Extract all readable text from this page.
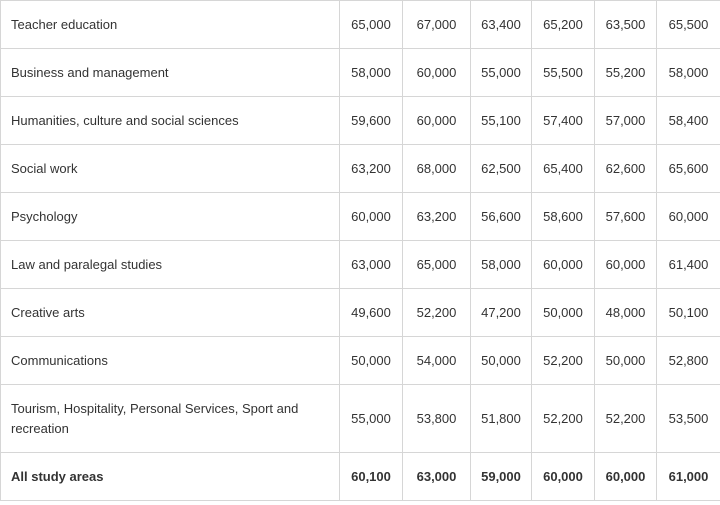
Teacher education	65,000	67,000	63,400	65,200	63,500	65,500
Business and management	58,000	60,000	55,000	55,500	55,200	58,000
Humanities, culture and social sciences	59,600	60,000	55,100	57,400	57,000	58,400
Social work	63,200	68,000	62,500	65,400	62,600	65,600
Psychology	60,000	63,200	56,600	58,600	57,600	60,000
Law and paralegal studies	63,000	65,000	58,000	60,000	60,000	61,400
Creative arts	49,600	52,200	47,200	50,000	48,000	50,100
Communications	50,000	54,000	50,000	52,200	50,000	52,800
Tourism, Hospitality, Personal Services, Sport and recreation	55,000	53,800	51,800	52,200	52,200	53,500
All study areas	60,100	63,000	59,000	60,000	60,000	61,000
